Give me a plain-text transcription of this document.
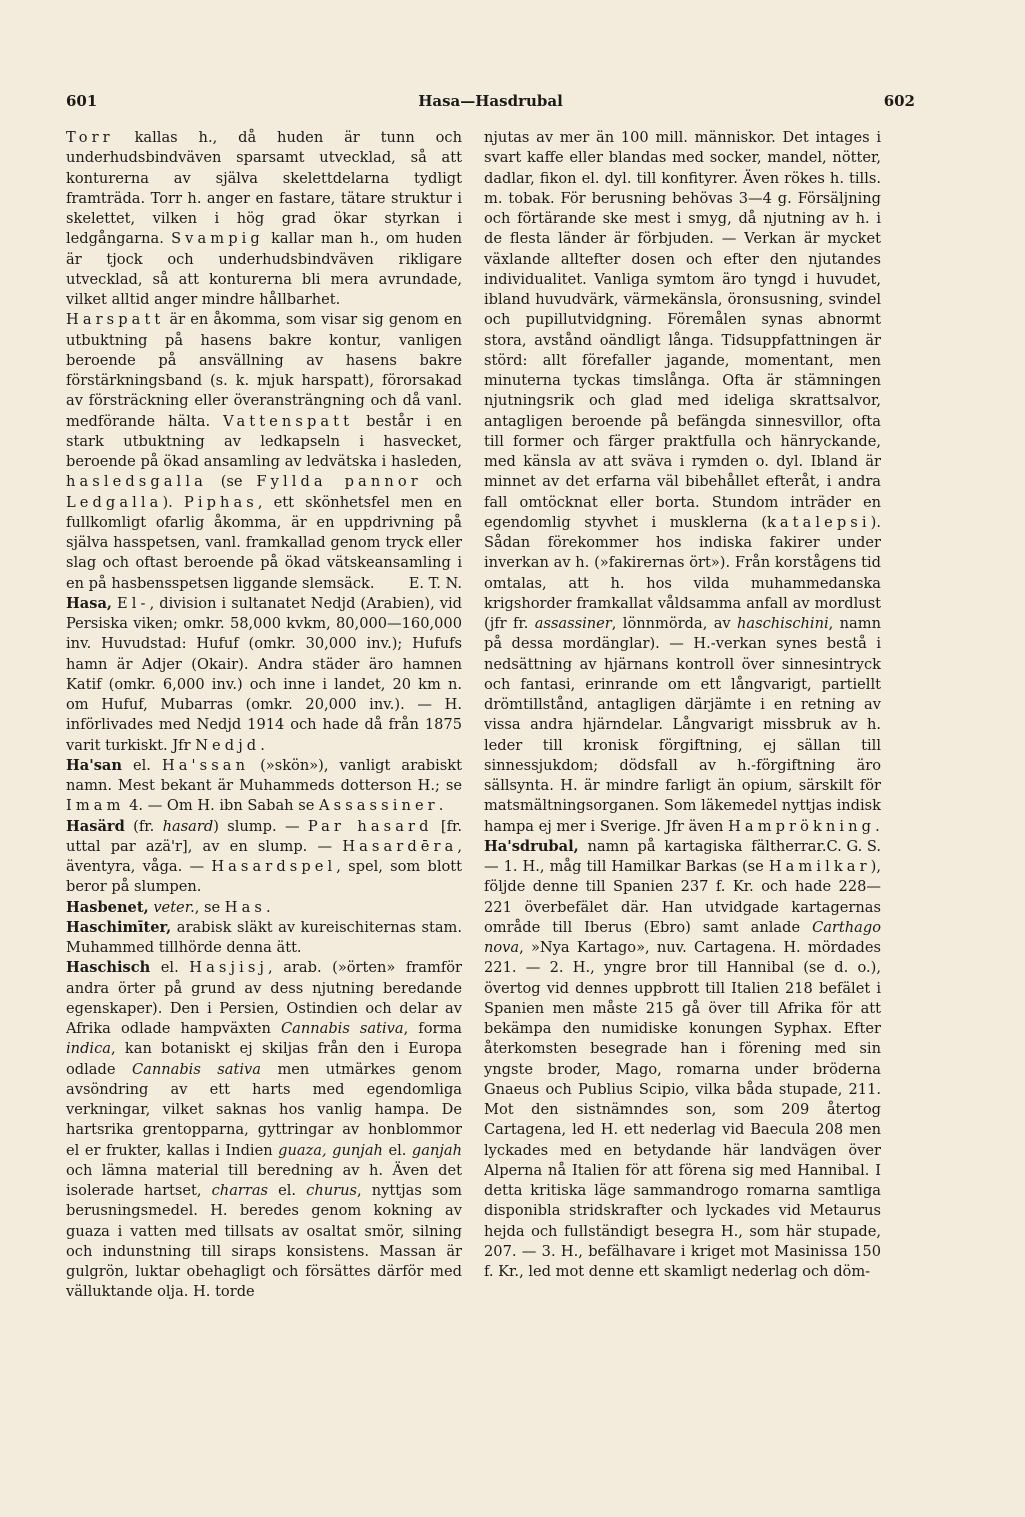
601	Hasa—Hasdrubal	602

Torr kallas h., då huden är tunn och underhudsbindväven sparsamt utvecklad, så att konturerna av själva skelettdelarna tydligt framträda. Torr h. anger en fastare, tätare struktur i skelettet, vilken i hög grad ökar styrkan i ledgångarna. Svampig kallar man h., om huden är tjock och underhudsbindväven rikligare utvecklad, så att konturerna bli mera avrundade, vilket alltid anger mindre hållbarhet.

Harspatt är en åkomma, som visar sig genom en utbuktning på hasens bakre kontur, vanligen beroende på ansvällning av hasens bakre förstärkningsband (s. k. mjuk harspatt), förorsakad av försträckning eller överansträngning och då vanl. medförande hälta. Vattenspatt består i en stark utbuktning av ledkapseln i hasvecket, beroende på ökad ansamling av ledvätska i hasleden, hasledsgalla (se Fyllda pannor och Ledgalla). Piphas, ett skönhetsfel men en fullkomligt ofarlig åkomma, är en uppdrivning på själva hasspetsen, vanl. framkallad genom tryck eller slag och oftast beroende på ökad vätskeansamling i en på hasbensspetsen liggande slemsäck. E. T. N.

Hasa, El-, division i sultanatet Nedjd (Arabien), vid Persiska viken; omkr. 58,000 kvkm, 80,000—160,000 inv. Huvudstad: Hufuf (omkr. 30,000 inv.); Hufufs hamn är Adjer (Okair). Andra städer äro hamnen Katif (omkr. 6,000 inv.) och inne i landet, 20 km n. om Hufuf, Mubarras (omkr. 20,000 inv.). — H. införlivades med Nedjd 1914 och hade då från 1875 varit turkiskt. Jfr Nedjd.

Ha'san el. Ha'ssan (»skön»), vanligt arabiskt namn. Mest bekant är Muhammeds dotterson H.; se Imam 4. — Om H. ibn Sabah se Assassiner.

Hasärd (fr. hasard) slump. — Par hasard [fr. uttal par azä'r], av en slump. — Hasardēra, äventyra, våga. — Hasardspel, spel, som blott beror på slumpen.

Hasbenet, veter., se Has.

Haschimīter, arabisk släkt av kureischiternas stam. Muhammed tillhörde denna ätt.

Haschisch el. Hasjisj, arab. (»örten» framför andra örter på grund av dess njutning beredande egenskaper). Den i Persien, Ostindien och delar av Afrika odlade hampväxten Cannabis sativa, forma indica, kan botaniskt ej skiljas från den i Europa odlade Cannabis sativa men utmärkes genom avsöndring av ett harts med egendomliga verkningar, vilket saknas hos vanlig hampa. De hartsrika grentopparna, gyttringar av honblommor el er frukter, kallas i Indien guaza, gunjah el. ganjah och lämna material till beredning av h. Även det isolerade hartset, charras el. churus, nyttjas som berusningsmedel. H. beredes genom kokning av guaza i vatten med tillsats av osaltat smör, silning och indunstning till siraps konsistens. Massan är gulgrön, luktar obehagligt och försättes därför med välluktande olja. H. torde

njutas av mer än 100 mill. människor. Det intages i svart kaffe eller blandas med socker, mandel, nötter, dadlar, fikon el. dyl. till konfityrer. Även rökes h. tills. m. tobak. För berusning behövas 3—4 g. Försäljning och förtärande ske mest i smyg, då njutning av h. i de flesta länder är förbjuden. — Verkan är mycket växlande alltefter dosen och efter den njutandes individualitet. Vanliga symtom äro tyngd i huvudet, ibland huvudvärk, värmekänsla, öronsusning, svindel och pupillutvidgning. Föremålen synas abnormt stora, avstånd oändligt långa. Tidsuppfattningen är störd: allt förefaller jagande, momentant, men minuterna tyckas timslånga. Ofta är stämningen njutningsrik och glad med ideliga skrattsalvor, antagligen beroende på befängda sinnesvillor, ofta till former och färger praktfulla och hänryckande, med känsla av att sväva i rymden o. dyl. Ibland är minnet av det erfarna väl bibehållet efteråt, i andra fall omtöcknat eller borta. Stundom inträder en egendomlig styvhet i musklerna (katalepsi). Sådan förekommer hos indiska fakirer under inverkan av h. (»fakirernas ört»). Från korstågens tid omtalas, att h. hos vilda muhammedanska krigshorder framkallat våldsamma anfall av mordlust (jfr fr. assassiner, lönnmörda, av haschischini, namn på dessa mordänglar). — H.-verkan synes bestå i nedsättning av hjärnans kontroll över sinnesintryck och fantasi, erinrande om ett långvarigt, partiellt drömtillstånd, antagligen därjämte i en retning av vissa andra hjärndelar. Långvarigt missbruk av h. leder till kronisk förgiftning, ej sällan till sinnessjukdom; dödsfall av h.-förgiftning äro sällsynta. H. är mindre farligt än opium, särskilt för matsmältningsorganen. Som läkemedel nyttjas indisk hampa ej mer i Sverige. Jfr även Hamprökning.
C. G. S.

Ha'sdrubal, namn på kartagiska fältherrar. — 1. H., måg till Hamilkar Barkas (se Hamilkar), följde denne till Spanien 237 f. Kr. och hade 228—221 överbefälet där. Han utvidgade kartagernas område till Iberus (Ebro) samt anlade Carthago nova, »Nya Kartago», nuv. Cartagena. H. mördades 221. — 2. H., yngre bror till Hannibal (se d. o.), övertog vid dennes uppbrott till Italien 218 befälet i Spanien men måste 215 gå över till Afrika för att bekämpa den numidiske konungen Syphax. Efter återkomsten besegrade han i förening med sin yngste broder, Mago, romarna under bröderna Gnaeus och Publius Scipio, vilka båda stupade, 211. Mot den sistnämndes son, som 209 återtog Cartagena, led H. ett nederlag vid Baecula 208 men lyckades med en betydande här landvägen över Alperna nå Italien för att förena sig med Hannibal. I detta kritiska läge sammandrogo romarna samtliga disponibla stridskrafter och lyckades vid Metaurus hejda och fullständigt besegra H., som här stupade, 207. — 3. H., befälhavare i kriget mot Masinissa 150 f. Kr., led mot denne ett skamligt nederlag och döm-
